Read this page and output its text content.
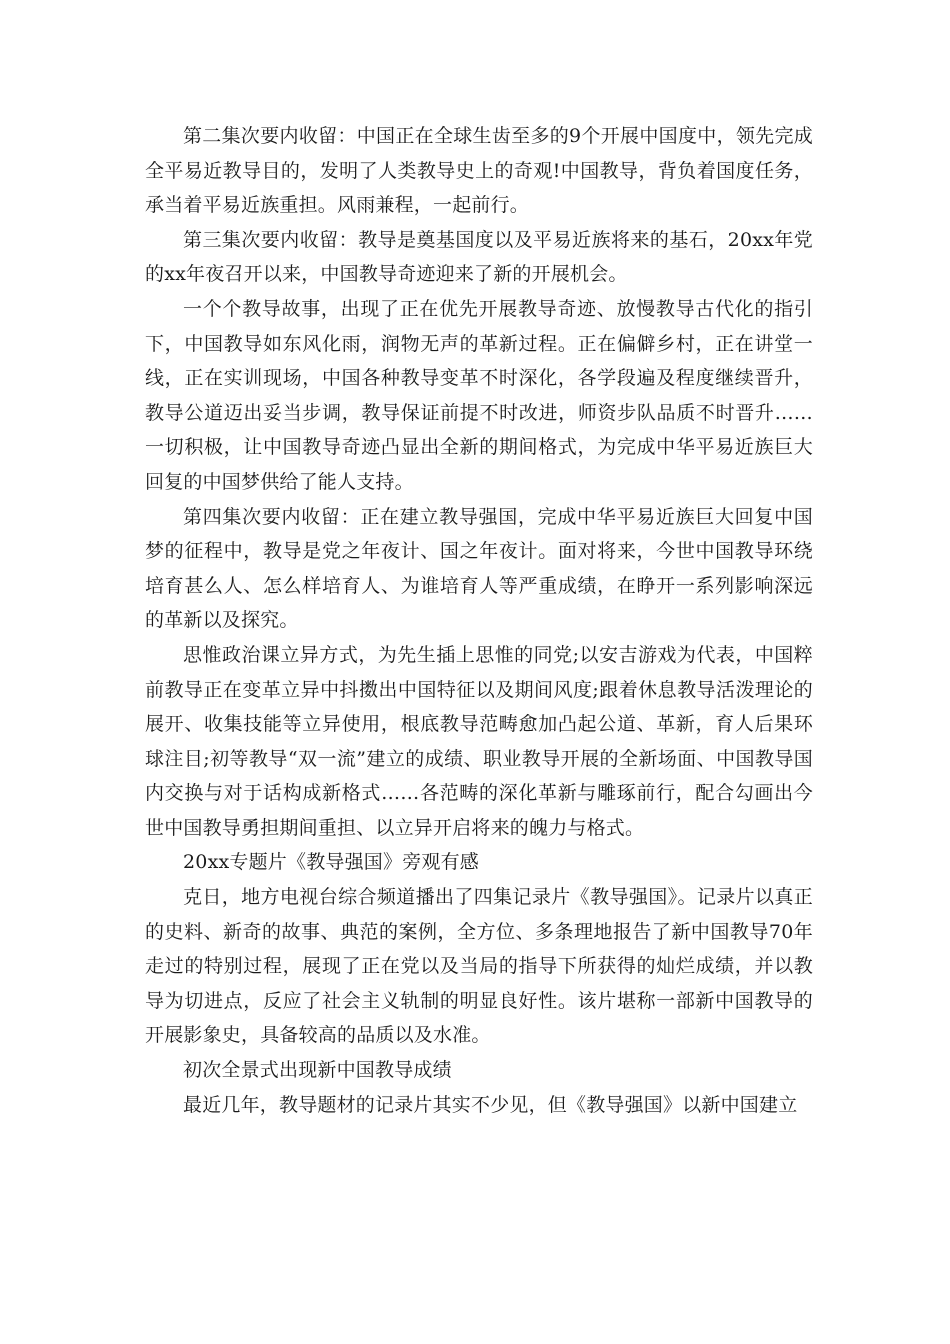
第二集次要内收留：中国正在全球生齿至多的9个开展中国度中，领先完成全平易近教导目的，发明了人类教导史上的奇观!中国教导，背负着国度任务，承当着平易近族重担。风雨兼程，一起前行。

第三集次要内收留：教导是奠基国度以及平易近族将来的基石，20xx年党的xx年夜召开以来，中国教导奇迹迎来了新的开展机会。

一个个教导故事，出现了正在优先开展教导奇迹、放慢教导古代化的指引下，中国教导如东风化雨，润物无声的革新过程。正在偏僻乡村，正在讲堂一线，正在实训现场，中国各种教导变革不时深化，各学段遍及程度继续晋升，教导公道迈出妥当步调，教导保证前提不时改进，师资步队品质不时晋升……一切积极，让中国教导奇迹凸显出全新的期间格式，为完成中华平易近族巨大回复的中国梦供给了能人支持。

第四集次要内收留：正在建立教导强国，完成中华平易近族巨大回复中国梦的征程中，教导是党之年夜计、国之年夜计。面对将来，今世中国教导环绕培育甚么人、怎么样培育人、为谁培育人等严重成绩，在睁开一系列影响深远的革新以及探究。

思惟政治课立异方式，为先生插上思惟的同党;以安吉游戏为代表，中国粹前教导正在变革立异中抖擞出中国特征以及期间风度;跟着休息教导活泼理论的展开、收集技能等立异使用，根底教导范畴愈加凸起公道、革新，育人后果环球注目;初等教导“双一流”建立的成绩、职业教导开展的全新场面、中国教导国内交换与对于话构成新格式……各范畴的深化革新与雕琢前行，配合勾画出今世中国教导勇担期间重担、以立异开启将来的魄力与格式。

20xx专题片《教导强国》旁观有感

克日，地方电视台综合频道播出了四集记录片《教导强国》。记录片以真正的史料、新奇的故事、典范的案例，全方位、多条理地报告了新中国教导70年走过的特别过程，展现了正在党以及当局的指导下所获得的灿烂成绩，并以教导为切进点，反应了社会主义轨制的明显良好性。该片堪称一部新中国教导的开展影象史，具备较高的品质以及水准。

初次全景式出现新中国教导成绩

最近几年，教导题材的记录片其实不少见，但《教导强国》以新中国建立
